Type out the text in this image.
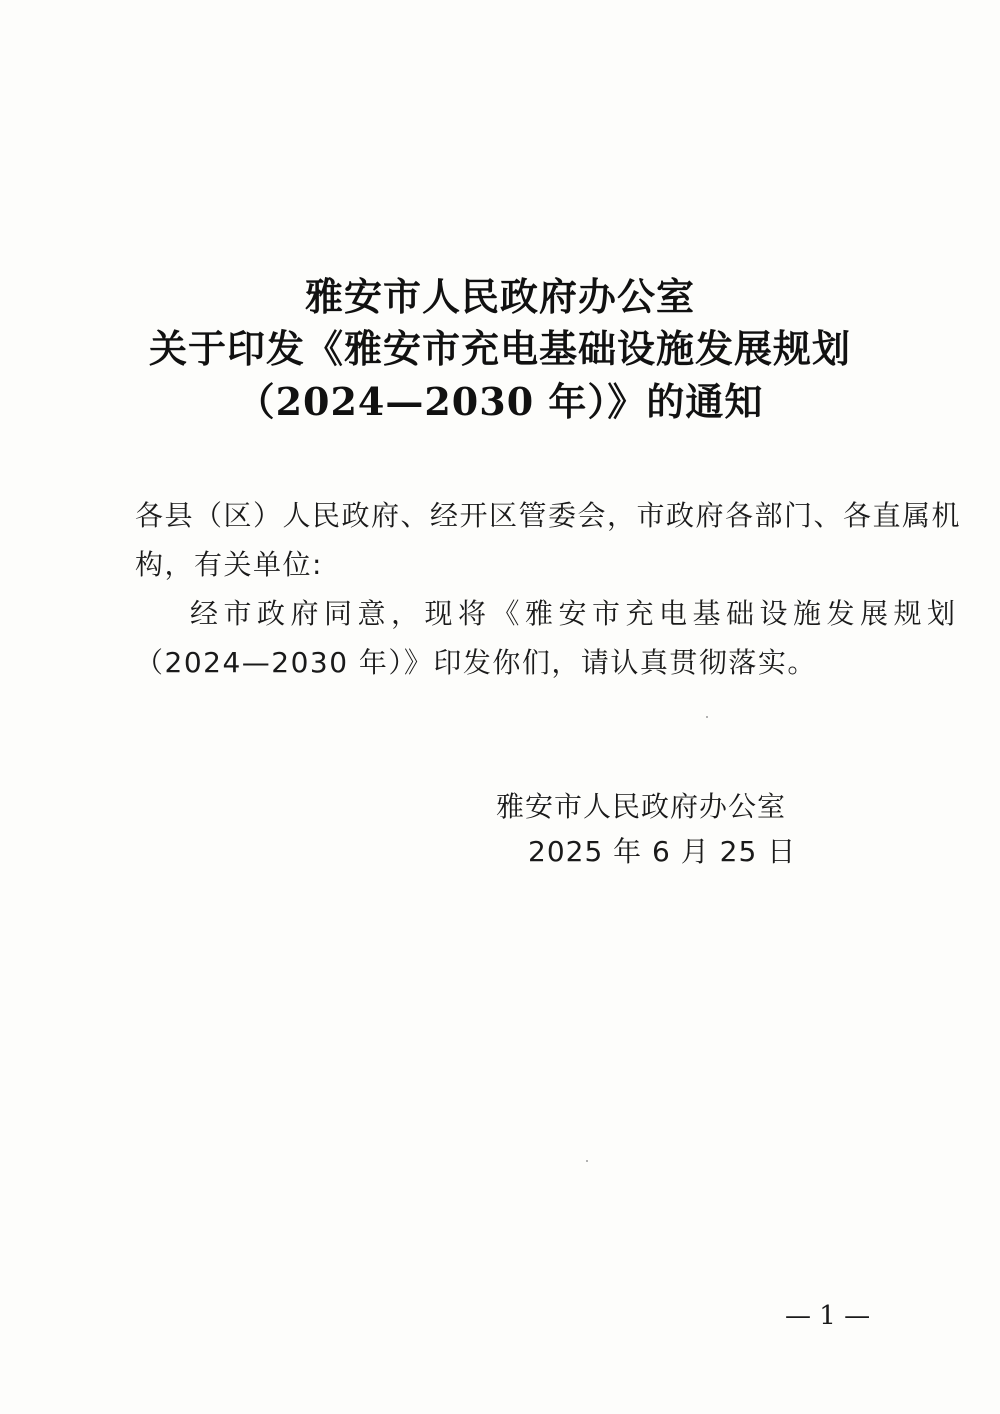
雅安市人民政府办公室
关于印发《雅安市充电基础设施发展规划
（2024—2030 年）》的通知
各县（区）人民政府、经开区管委会，市政府各部门、各直属机
构，有关单位:
经市政府同意，现将《雅安市充电基础设施发展规划
（2024—2030 年）》印发你们，请认真贯彻落实。
雅安市人民政府办公室
2025 年 6 月 25 日
— 1 —
